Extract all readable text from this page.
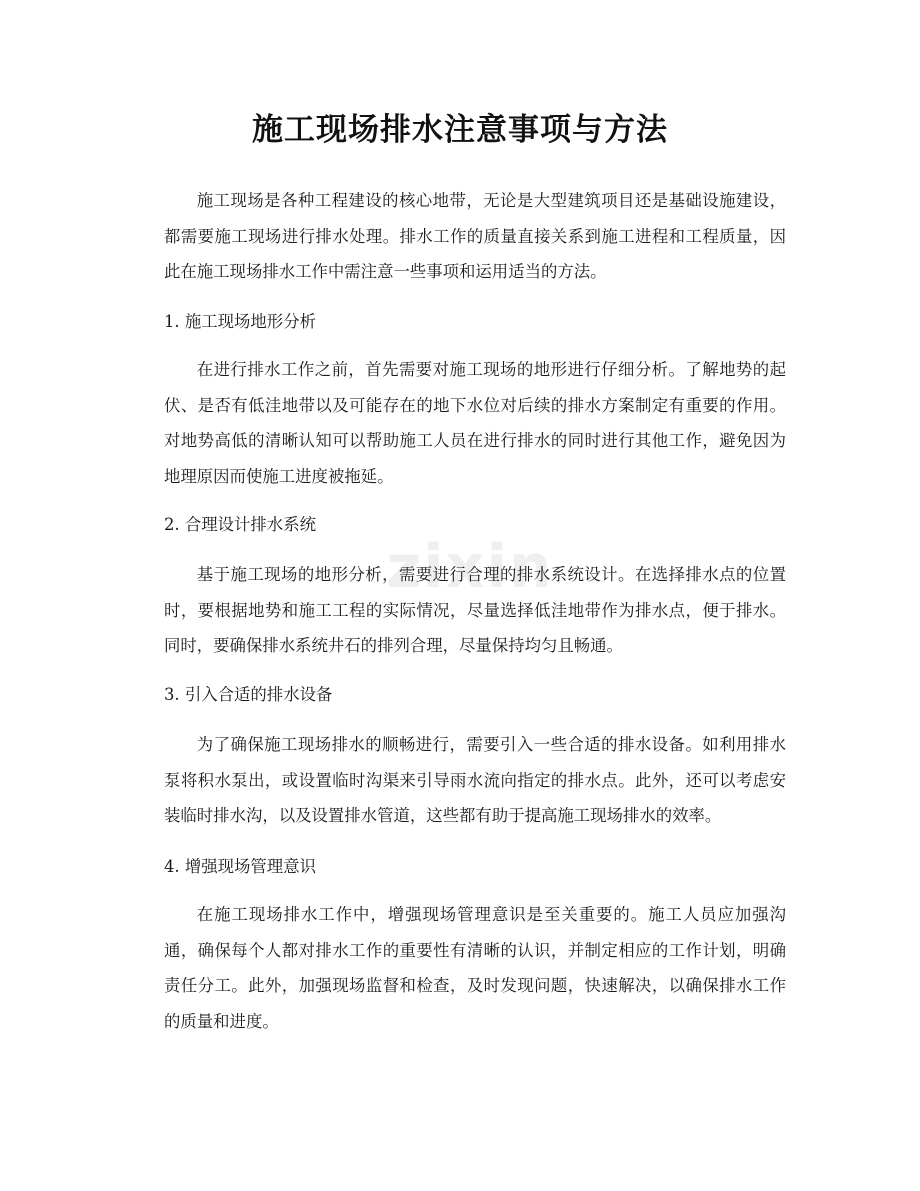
zixin
施工现场排水注意事项与方法

施工现场是各种工程建设的核心地带，无论是大型建筑项目还是基础设施建设，都需要施工现场进行排水处理。排水工作的质量直接关系到施工进程和工程质量，因此在施工现场排水工作中需注意一些事项和运用适当的方法。

1. 施工现场地形分析

在进行排水工作之前，首先需要对施工现场的地形进行仔细分析。了解地势的起伏、是否有低洼地带以及可能存在的地下水位对后续的排水方案制定有重要的作用。对地势高低的清晰认知可以帮助施工人员在进行排水的同时进行其他工作，避免因为地理原因而使施工进度被拖延。

2. 合理设计排水系统

基于施工现场的地形分析，需要进行合理的排水系统设计。在选择排水点的位置时，要根据地势和施工工程的实际情况，尽量选择低洼地带作为排水点，便于排水。同时，要确保排水系统井石的排列合理，尽量保持均匀且畅通。

3. 引入合适的排水设备

为了确保施工现场排水的顺畅进行，需要引入一些合适的排水设备。如利用排水泵将积水泵出，或设置临时沟渠来引导雨水流向指定的排水点。此外，还可以考虑安装临时排水沟，以及设置排水管道，这些都有助于提高施工现场排水的效率。

4. 增强现场管理意识

在施工现场排水工作中，增强现场管理意识是至关重要的。施工人员应加强沟通，确保每个人都对排水工作的重要性有清晰的认识，并制定相应的工作计划，明确责任分工。此外，加强现场监督和检查，及时发现问题，快速解决，以确保排水工作的质量和进度。
